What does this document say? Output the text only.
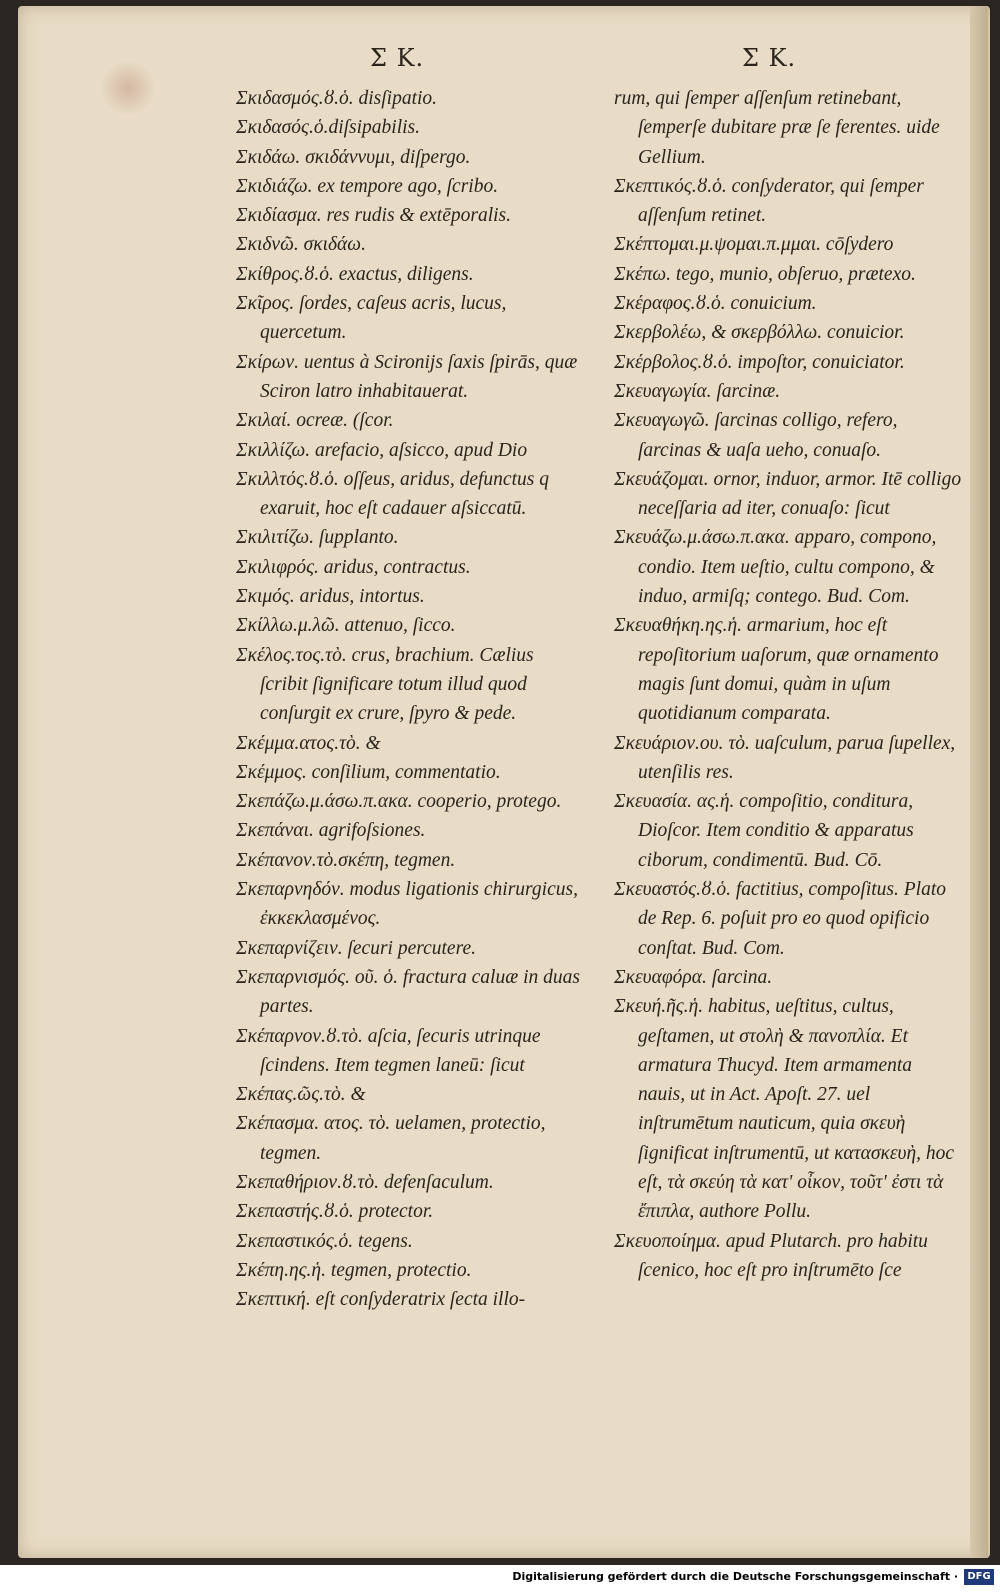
Σ K.	Σ K.
Σκιδασμός.ȣ.ὁ. disſipatio.
Σκιδασός.ὁ.diſsipabilis.
Σκιδάω. σκιδάννυμι, diſpergo.
Σκιδιάζω. ex tempore ago, ſcribo.
Σκιδίασμα. res rudis & extēporalis.
Σκιδνῶ. σκιδάω.
Σκίθρος.ȣ.ὁ. exactus, diligens.
Σκῖρος. ſordes, caſeus acris, lucus, quercetum.
Σκίρων. uentus à Scironijs ſaxis ſpirās, quæ Sciron latro inhabitauerat.
Σκιλαί. ocreæ. (ſcor.
Σκιλλίζω. arefacio, aſsicco, apud Dio
Σκιλλτός.ȣ.ὁ. oſſeus, aridus, defunctus q exaruit, hoc eſt cadauer aſsiccatū.
Σκιλιτίζω. ſupplanto.
Σκιλιφρός. aridus, contractus.
Σκιμός. aridus, intortus.
Σκίλλω.μ.λῶ. attenuo, ſicco.
Σκέλος.τος.τὸ. crus, brachium. Cælius ſcribit ſignificare totum illud quod conſurgit ex crure, ſpyro & pede.
Σκέμμα.ατος.τὸ. &
Σκέμμος. conſilium, commentatio.
Σκεπάζω.μ.άσω.π.ακα. cooperio, protego.
Σκεπάναι. agrifoſsiones.
Σκέπανον.τὸ.σκέπη, tegmen.
Σκεπαρνηδόν. modus ligationis chirurgicus, ἐκκεκλασμένος.
Σκεπαρνίζειν. ſecuri percutere.
Σκεπαρνισμός. οῦ. ὁ. fractura caluæ in duas partes.
Σκέπαρνον.ȣ.τὸ. aſcia, ſecuris utrinque ſcindens. Item tegmen laneū: ſicut
Σκέπας.ῶς.τὸ. &
Σκέπασμα. ατος. τὸ. uelamen, protectio, tegmen.
Σκεπαθήριον.ȣ.τὸ. defenſaculum.
Σκεπαστής.ȣ.ὁ. protector.
Σκεπαστικός.ὁ. tegens.
Σκέπη.ης.ἡ. tegmen, protectio.
Σκεπτική. eſt conſyderatrix ſecta illo-
rum, qui ſemper aſſenſum retinebant, ſemperſe dubitare præ ſe ferentes. uide Gellium.
Σκεπτικός.ȣ.ὁ. conſyderator, qui ſemper aſſenſum retinet.
Σκέπτομαι.μ.ψομαι.π.μμαι. cōſydero
Σκέπω. tego, munio, obſeruo, prætexo.
Σκέραφος.ȣ.ὁ. conuicium.
Σκερβολέω, & σκερβόλλω. conuicior.
Σκέρβολος.ȣ.ὁ. impoſtor, conuiciator.
Σκευαγωγία. ſarcinæ.
Σκευαγωγῶ. ſarcinas colligo, refero, ſarcinas & uaſa ueho, conuaſo.
Σκευάζομαι. ornor, induor, armor. Itē colligo neceſſaria ad iter, conuaſo: ſicut
Σκευάζω.μ.άσω.π.ακα. apparo, compono, condio. Item ueſtio, cultu compono, & induo, armiſq; contego. Bud. Com.
Σκευαθήκη.ης.ἡ. armarium, hoc eſt repoſitorium uaſorum, quæ ornamento magis ſunt domui, quàm in uſum quotidianum comparata.
Σκευάριον.ου. τὸ. uaſculum, parua ſupellex, utenſilis res.
Σκευασία. ας.ἡ. compoſitio, conditura, Dioſcor. Item conditio & apparatus ciborum, condimentū. Bud. Cō.
Σκευαστός.ȣ.ὁ. factitius, compoſitus. Plato de Rep. 6. poſuit pro eo quod opificio conſtat. Bud. Com.
Σκευαφόρα. ſarcina.
Σκευή.ῆς.ἡ. habitus, ueſtitus, cultus, geſtamen, ut στολὴ & πανοπλία. Et armatura Thucyd. Item armamenta nauis, ut in Act. Apoſt. 27. uel inſtrumētum nauticum, quia σκευὴ ſignificat inſtrumentū, ut κατασκευὴ, hoc eſt, τὰ σκεύη τὰ κατ' οἶκον, τοῦτ' ἐστι τὰ ἔπιπλα, authore Pollu.
Σκευοποίημα. apud Plutarch. pro habitu ſcenico, hoc eſt pro inſtrumēto ſce
Digitalisierung gefördert durch die Deutsche Forschungsgemeinschaft · DFG
